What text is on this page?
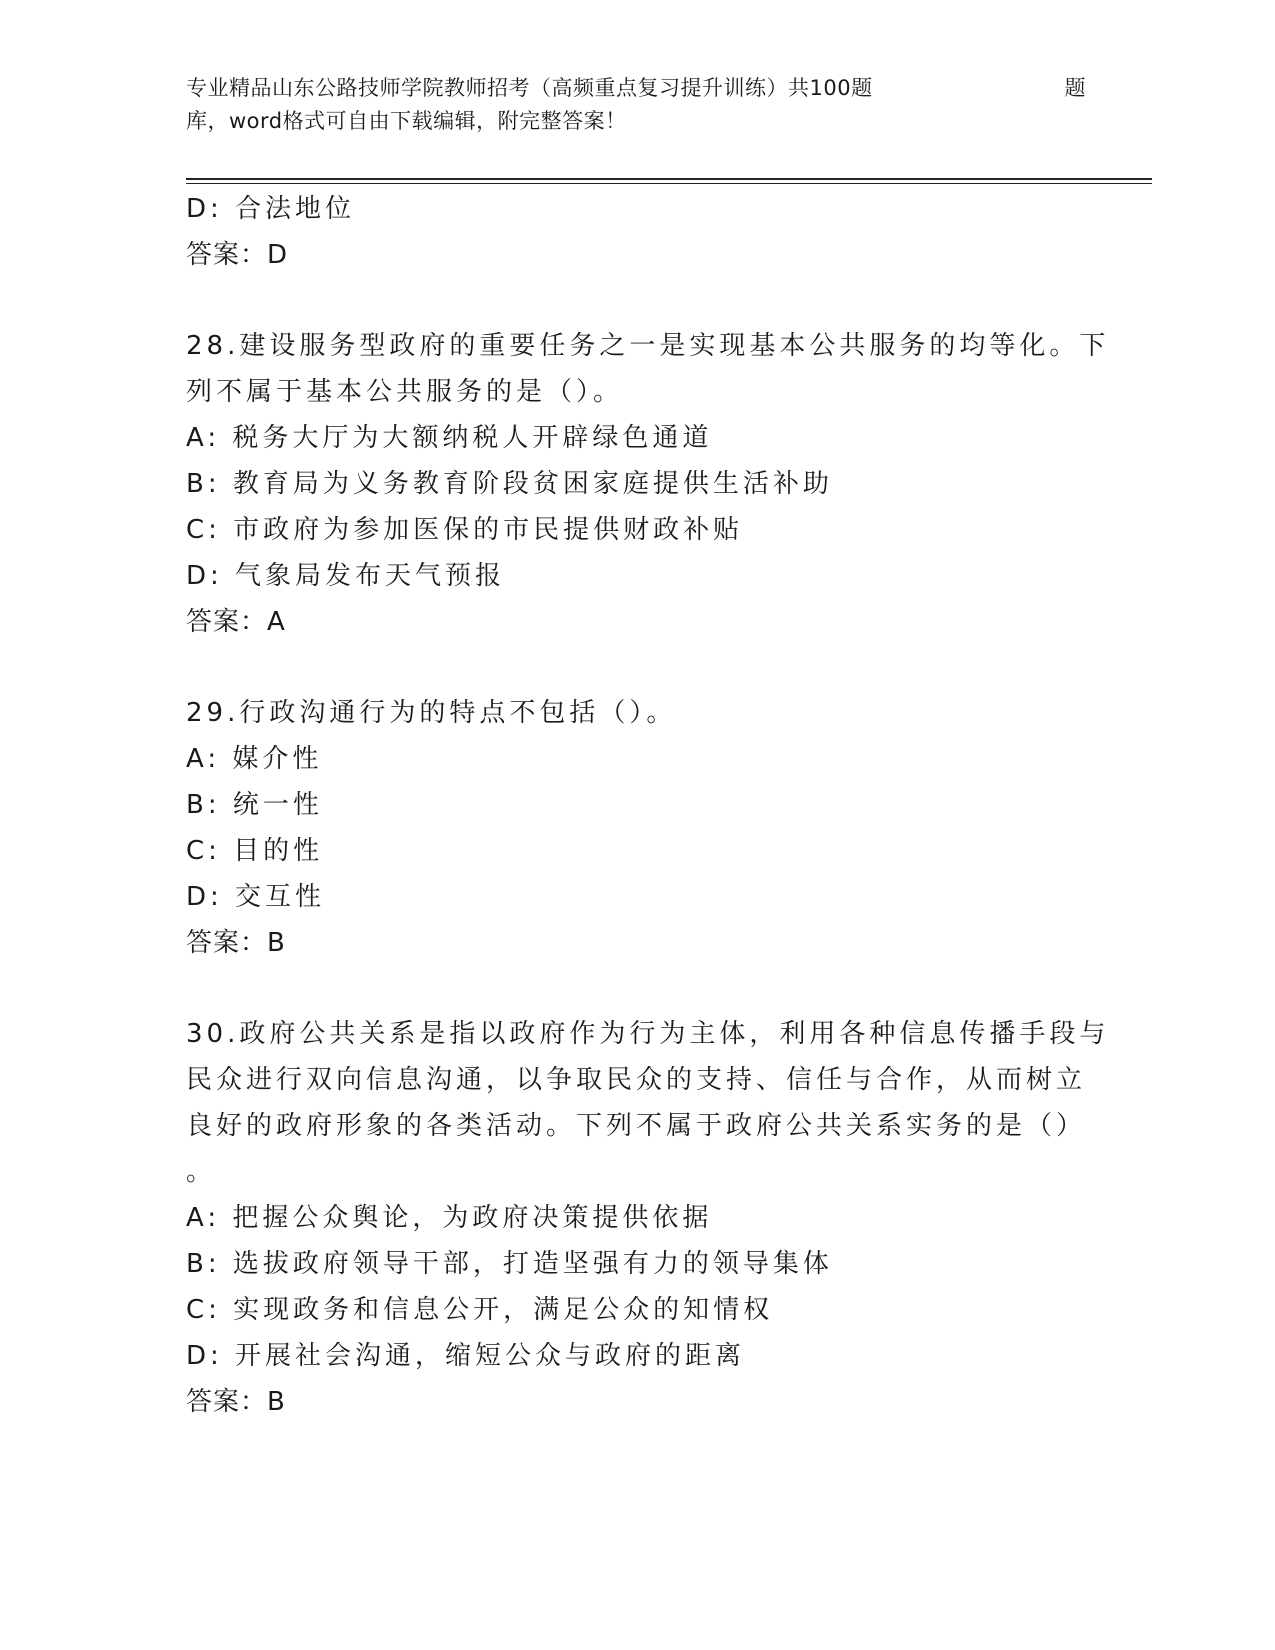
专业精品山东公路技师学院教师招考（高频重点复习提升训练）共100题	题
库，word格式可自由下载编辑，附完整答案！
D: 合法地位
答案：D
28.建设服务型政府的重要任务之一是实现基本公共服务的均等化。下
列不属于基本公共服务的是（）。
A: 税务大厅为大额纳税人开辟绿色通道
B: 教育局为义务教育阶段贫困家庭提供生活补助
C: 市政府为参加医保的市民提供财政补贴
D: 气象局发布天气预报
答案：A
29.行政沟通行为的特点不包括（）。
A: 媒介性
B: 统一性
C: 目的性
D: 交互性
答案：B
30.政府公共关系是指以政府作为行为主体，利用各种信息传播手段与
民众进行双向信息沟通，以争取民众的支持、信任与合作，从而树立
良好的政府形象的各类活动。下列不属于政府公共关系实务的是（）
。
A: 把握公众舆论，为政府决策提供依据
B: 选拔政府领导干部，打造坚强有力的领导集体
C: 实现政务和信息公开，满足公众的知情权
D: 开展社会沟通，缩短公众与政府的距离
答案：B
